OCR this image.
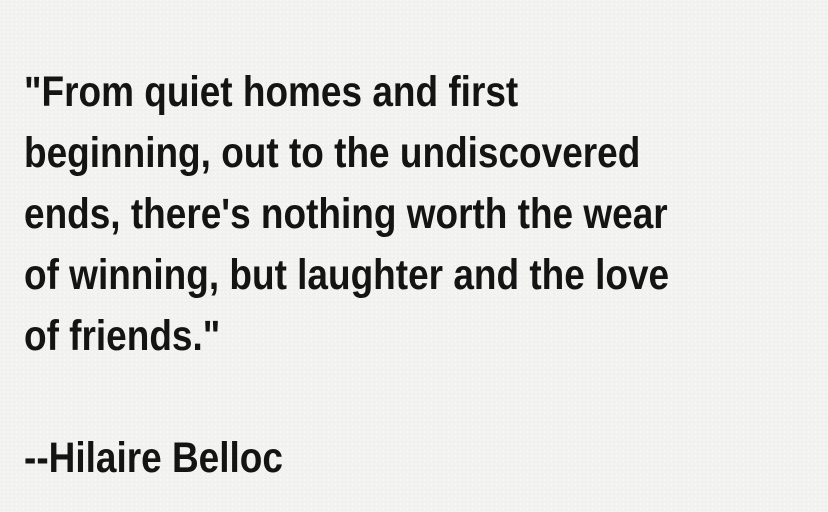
"From quiet homes and first
beginning, out to the undiscovered
ends, there's nothing worth the wear
of winning, but laughter and the love
of friends."
--Hilaire Belloc
